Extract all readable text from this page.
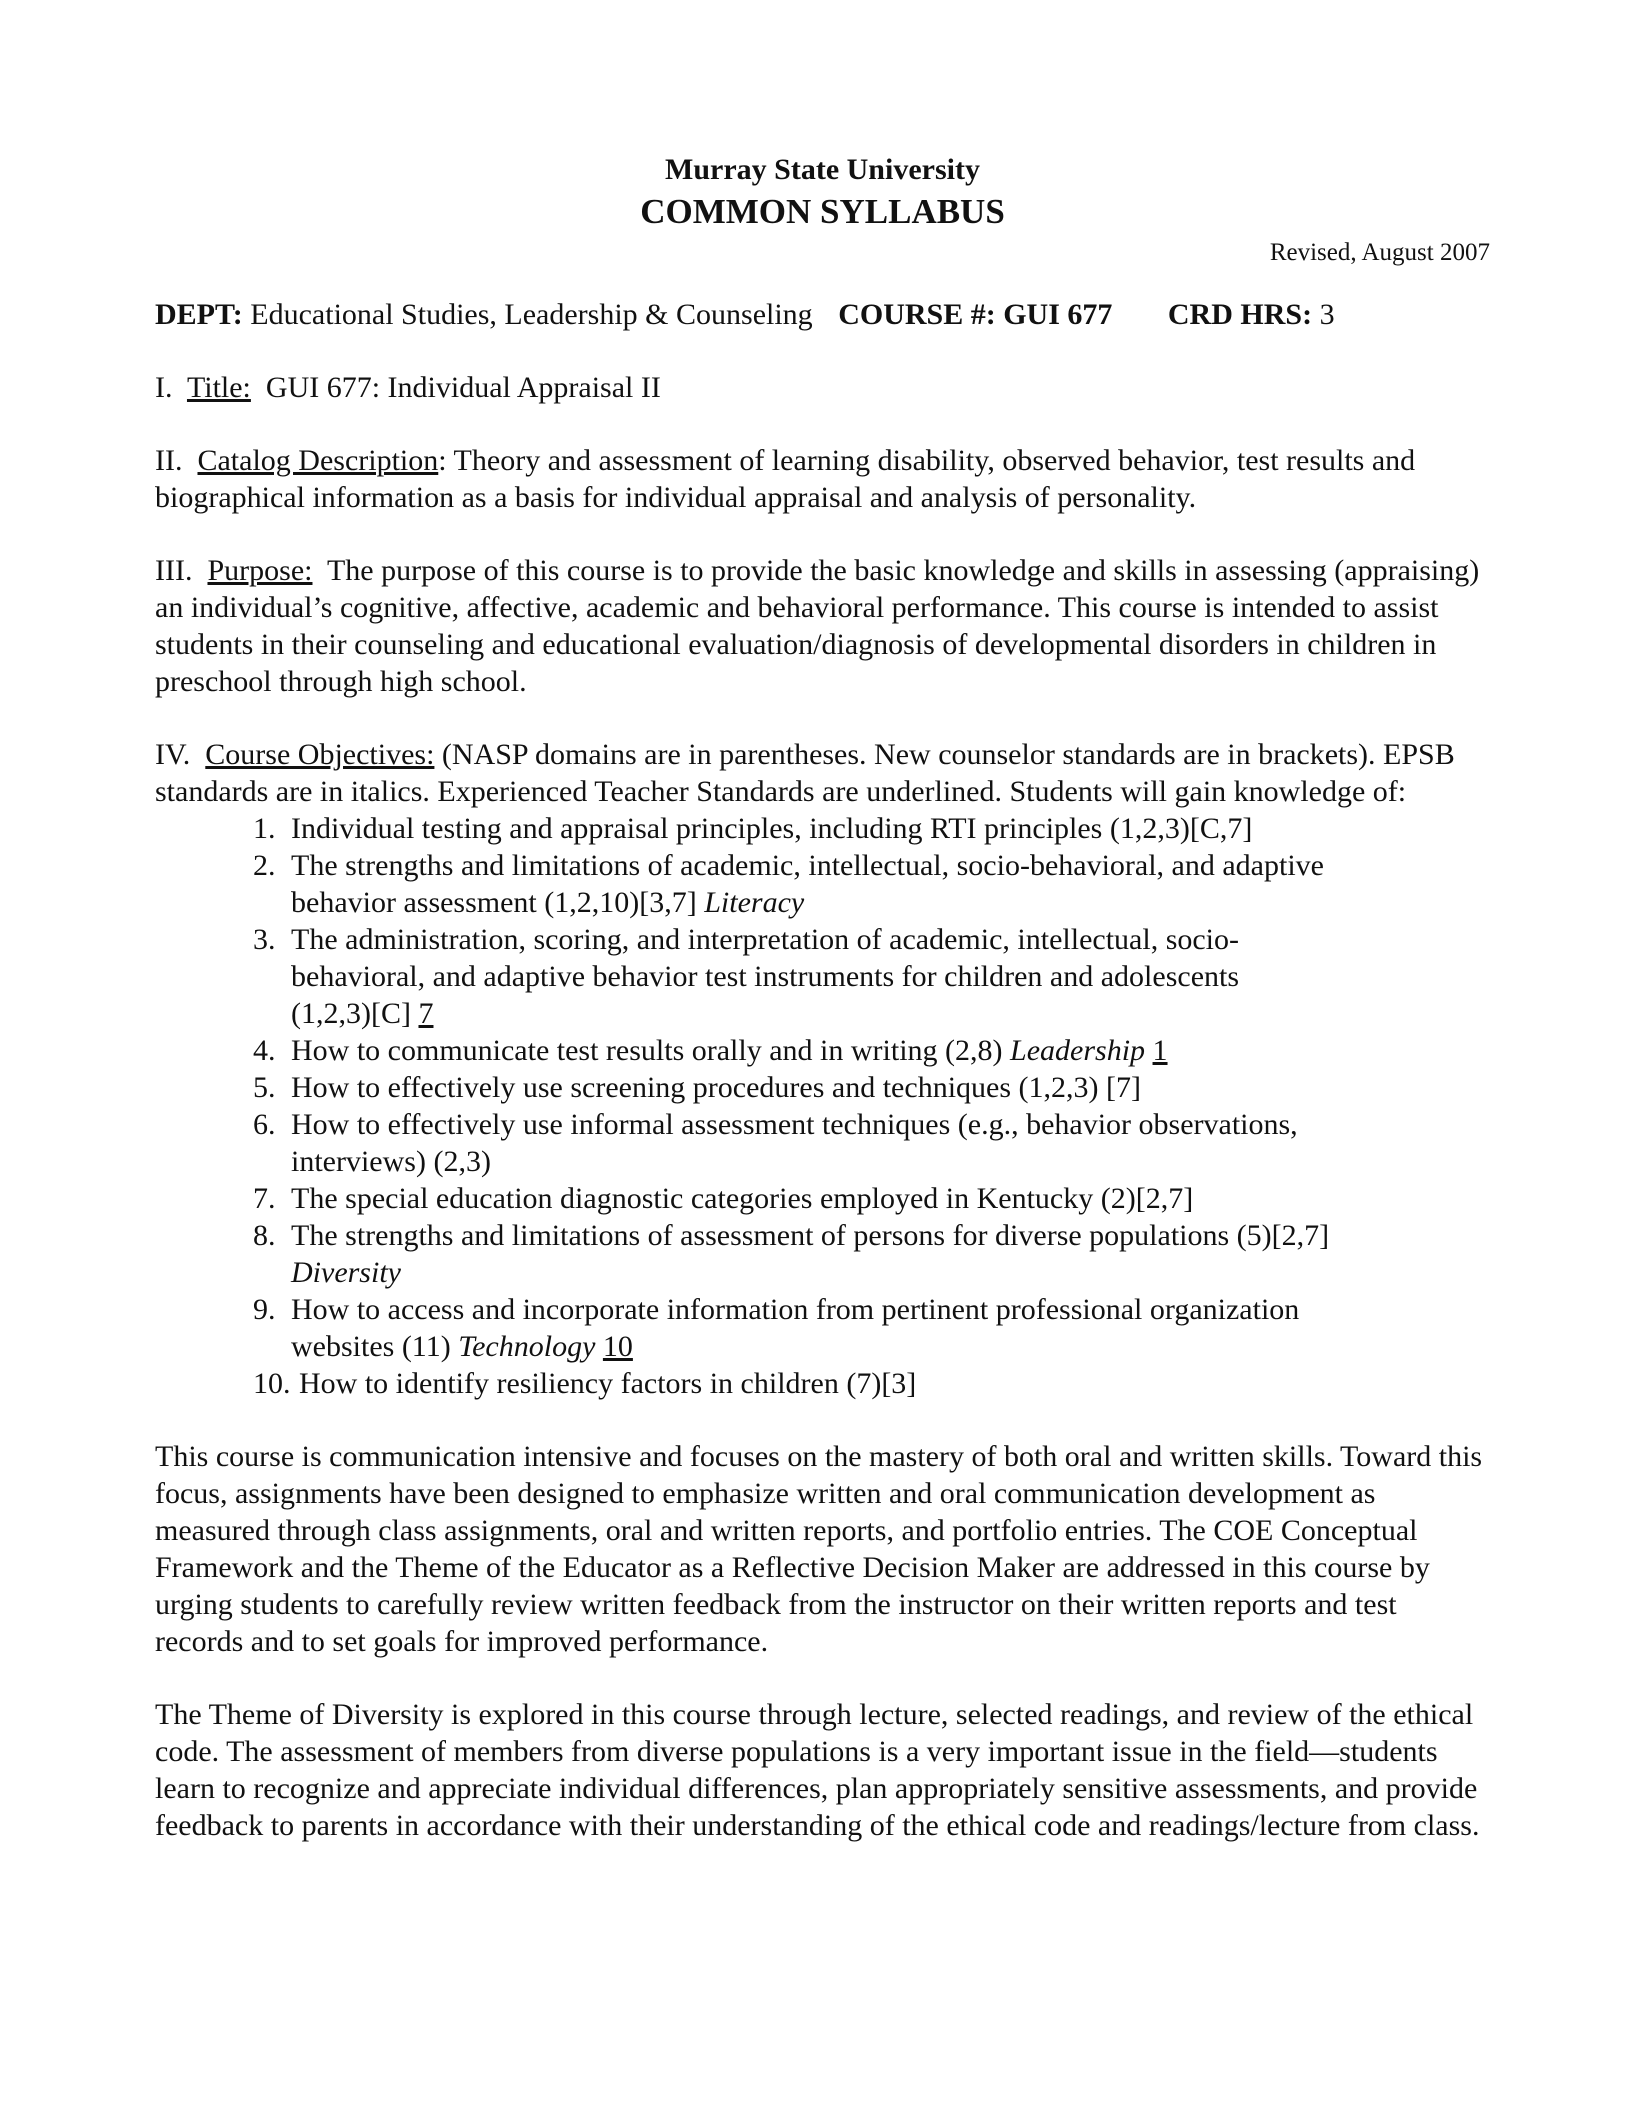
Murray State University
COMMON SYLLABUS
Revised, August 2007
DEPT: Educational Studies, Leadership & Counseling COURSE #: GUI 677 CRD HRS: 3

I. Title: GUI 677: Individual Appraisal II

II. Catalog Description: Theory and assessment of learning disability, observed behavior, test results and biographical information as a basis for individual appraisal and analysis of personality.

III. Purpose: The purpose of this course is to provide the basic knowledge and skills in assessing (appraising) an individual’s cognitive, affective, academic and behavioral performance. This course is intended to assist students in their counseling and educational evaluation/diagnosis of developmental disorders in children in preschool through high school.

IV. Course Objectives: (NASP domains are in parentheses. New counselor standards are in brackets). EPSB standards are in italics. Experienced Teacher Standards are underlined. Students will gain knowledge of:

1. Individual testing and appraisal principles, including RTI principles (1,2,3)[C,7]
2. The strengths and limitations of academic, intellectual, socio-behavioral, and adaptive
behavior assessment (1,2,10)[3,7] Literacy
3. The administration, scoring, and interpretation of academic, intellectual, socio-
behavioral, and adaptive behavior test instruments for children and adolescents
(1,2,3)[C] 7
4. How to communicate test results orally and in writing (2,8) Leadership 1
5. How to effectively use screening procedures and techniques (1,2,3) [7]
6. How to effectively use informal assessment techniques (e.g., behavior observations,
interviews) (2,3)
7. The special education diagnostic categories employed in Kentucky (2)[2,7]
8. The strengths and limitations of assessment of persons for diverse populations (5)[2,7]
Diversity
9. How to access and incorporate information from pertinent professional organization
websites (11) Technology 10
10. How to identify resiliency factors in children (7)[3]

This course is communication intensive and focuses on the mastery of both oral and written skills. Toward this focus, assignments have been designed to emphasize written and oral communication development as measured through class assignments, oral and written reports, and portfolio entries. The COE Conceptual Framework and the Theme of the Educator as a Reflective Decision Maker are addressed in this course by urging students to carefully review written feedback from the instructor on their written reports and test records and to set goals for improved performance.

The Theme of Diversity is explored in this course through lecture, selected readings, and review of the ethical code. The assessment of members from diverse populations is a very important issue in the field—students learn to recognize and appreciate individual differences, plan appropriately sensitive assessments, and provide feedback to parents in accordance with their understanding of the ethical code and readings/lecture from class.
